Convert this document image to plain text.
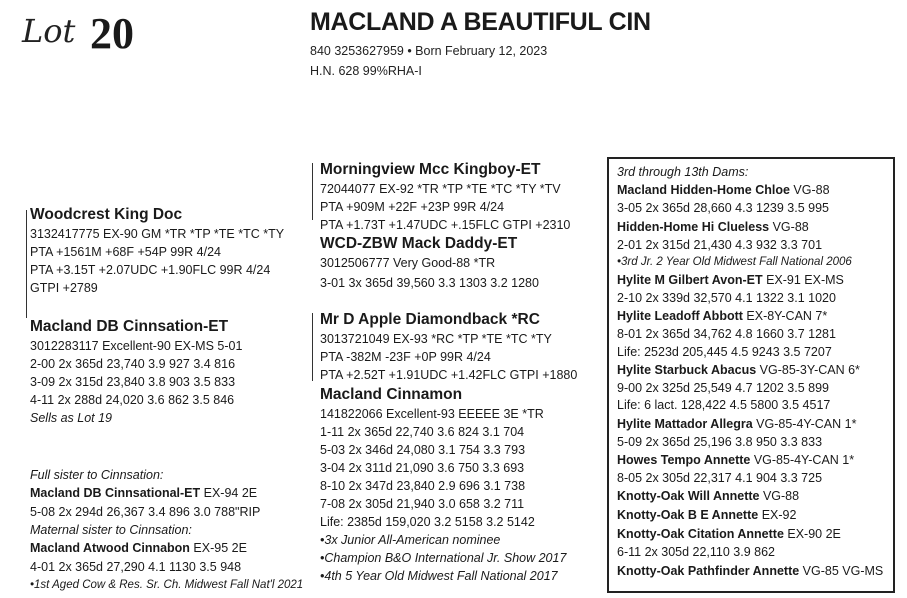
Lot 20	MACLAND A BEAUTIFUL CIN
840 3253627959 • Born February 12, 2023
H.N. 628 99%RHA-I
Morningview Mcc Kingboy-ET
72044077 EX-92 *TR *TP *TE *TC *TY *TV
PTA +909M +22F +23P 99R 4/24
PTA +1.73T +1.47UDC +.15FLC GTPI +2310
WCD-ZBW Mack Daddy-ET
3012506777 Very Good-88 *TR
3-01 3x 365d 39,560 3.3 1303 3.2 1280
Woodcrest King Doc
3132417775 EX-90 GM *TR *TP *TE *TC *TY
PTA +1561M +68F +54P 99R 4/24
PTA +3.15T +2.07UDC +1.90FLC 99R 4/24
GTPI +2789
Macland DB Cinnsation-ET
3012283117 Excellent-90 EX-MS 5-01
2-00 2x 365d 23,740 3.9 927 3.4 816
3-09 2x 315d 23,840 3.8 903 3.5 833
4-11 2x 288d 24,020 3.6 862 3.5 846
Sells as Lot 19
Mr D Apple Diamondback *RC
3013721049 EX-93 *RC *TP *TE *TC *TY
PTA -382M -23F +0P 99R 4/24
PTA +2.52T +1.91UDC +1.42FLC GTPI +1880
Macland Cinnamon
141822066 Excellent-93 EEEEE 3E *TR
1-11 2x 365d 22,740 3.6 824 3.1 704
5-03 2x 346d 24,080 3.1 754 3.3 793
3-04 2x 311d 21,090 3.6 750 3.3 693
8-10 2x 347d 23,840 2.9 696 3.1 738
7-08 2x 305d 21,940 3.0 658 3.2 711
Life: 2385d 159,020 3.2 5158 3.2 5142
•3x Junior All-American nominee
•Champion B&O International Jr. Show 2017
•4th 5 Year Old Midwest Fall National 2017
Full sister to Cinnsation:
Macland DB Cinnsational-ET EX-94 2E
5-08 2x 294d 26,367 3.4 896 3.0 788"RIP
Maternal sister to Cinnsation:
Macland Atwood Cinnabon EX-95 2E
4-01 2x 365d 27,290 4.1 1130 3.5 948
•1st Aged Cow & Res. Sr. Ch. Midwest Fall Nat'l 2021
3rd through 13th Dams:
Macland Hidden-Home Chloe VG-88
3-05 2x 365d 28,660 4.3 1239 3.5 995
Hidden-Home Hi Clueless VG-88
2-01 2x 315d 21,430 4.3 932 3.3 701
•3rd Jr. 2 Year Old Midwest Fall National 2006
Hylite M Gilbert Avon-ET EX-91 EX-MS
2-10 2x 339d 32,570 4.1 1322 3.1 1020
Hylite Leadoff Abbott EX-8Y-CAN 7*
8-01 2x 365d 34,762 4.8 1660 3.7 1281
Life: 2523d 205,445 4.5 9243 3.5 7207
Hylite Starbuck Abacus VG-85-3Y-CAN 6*
9-00 2x 325d 25,549 4.7 1202 3.5 899
Life: 6 lact. 128,422 4.5 5800 3.5 4517
Hylite Mattador Allegra VG-85-4Y-CAN 1*
5-09 2x 365d 25,196 3.8 950 3.3 833
Howes Tempo Annette VG-85-4Y-CAN 1*
8-05 2x 305d 22,317 4.1 904 3.3 725
Knotty-Oak Will Annette VG-88
Knotty-Oak B E Annette EX-92
Knotty-Oak Citation Annette EX-90 2E
6-11 2x 305d 22,110 3.9 862
Knotty-Oak Pathfinder Annette VG-85 VG-MS
